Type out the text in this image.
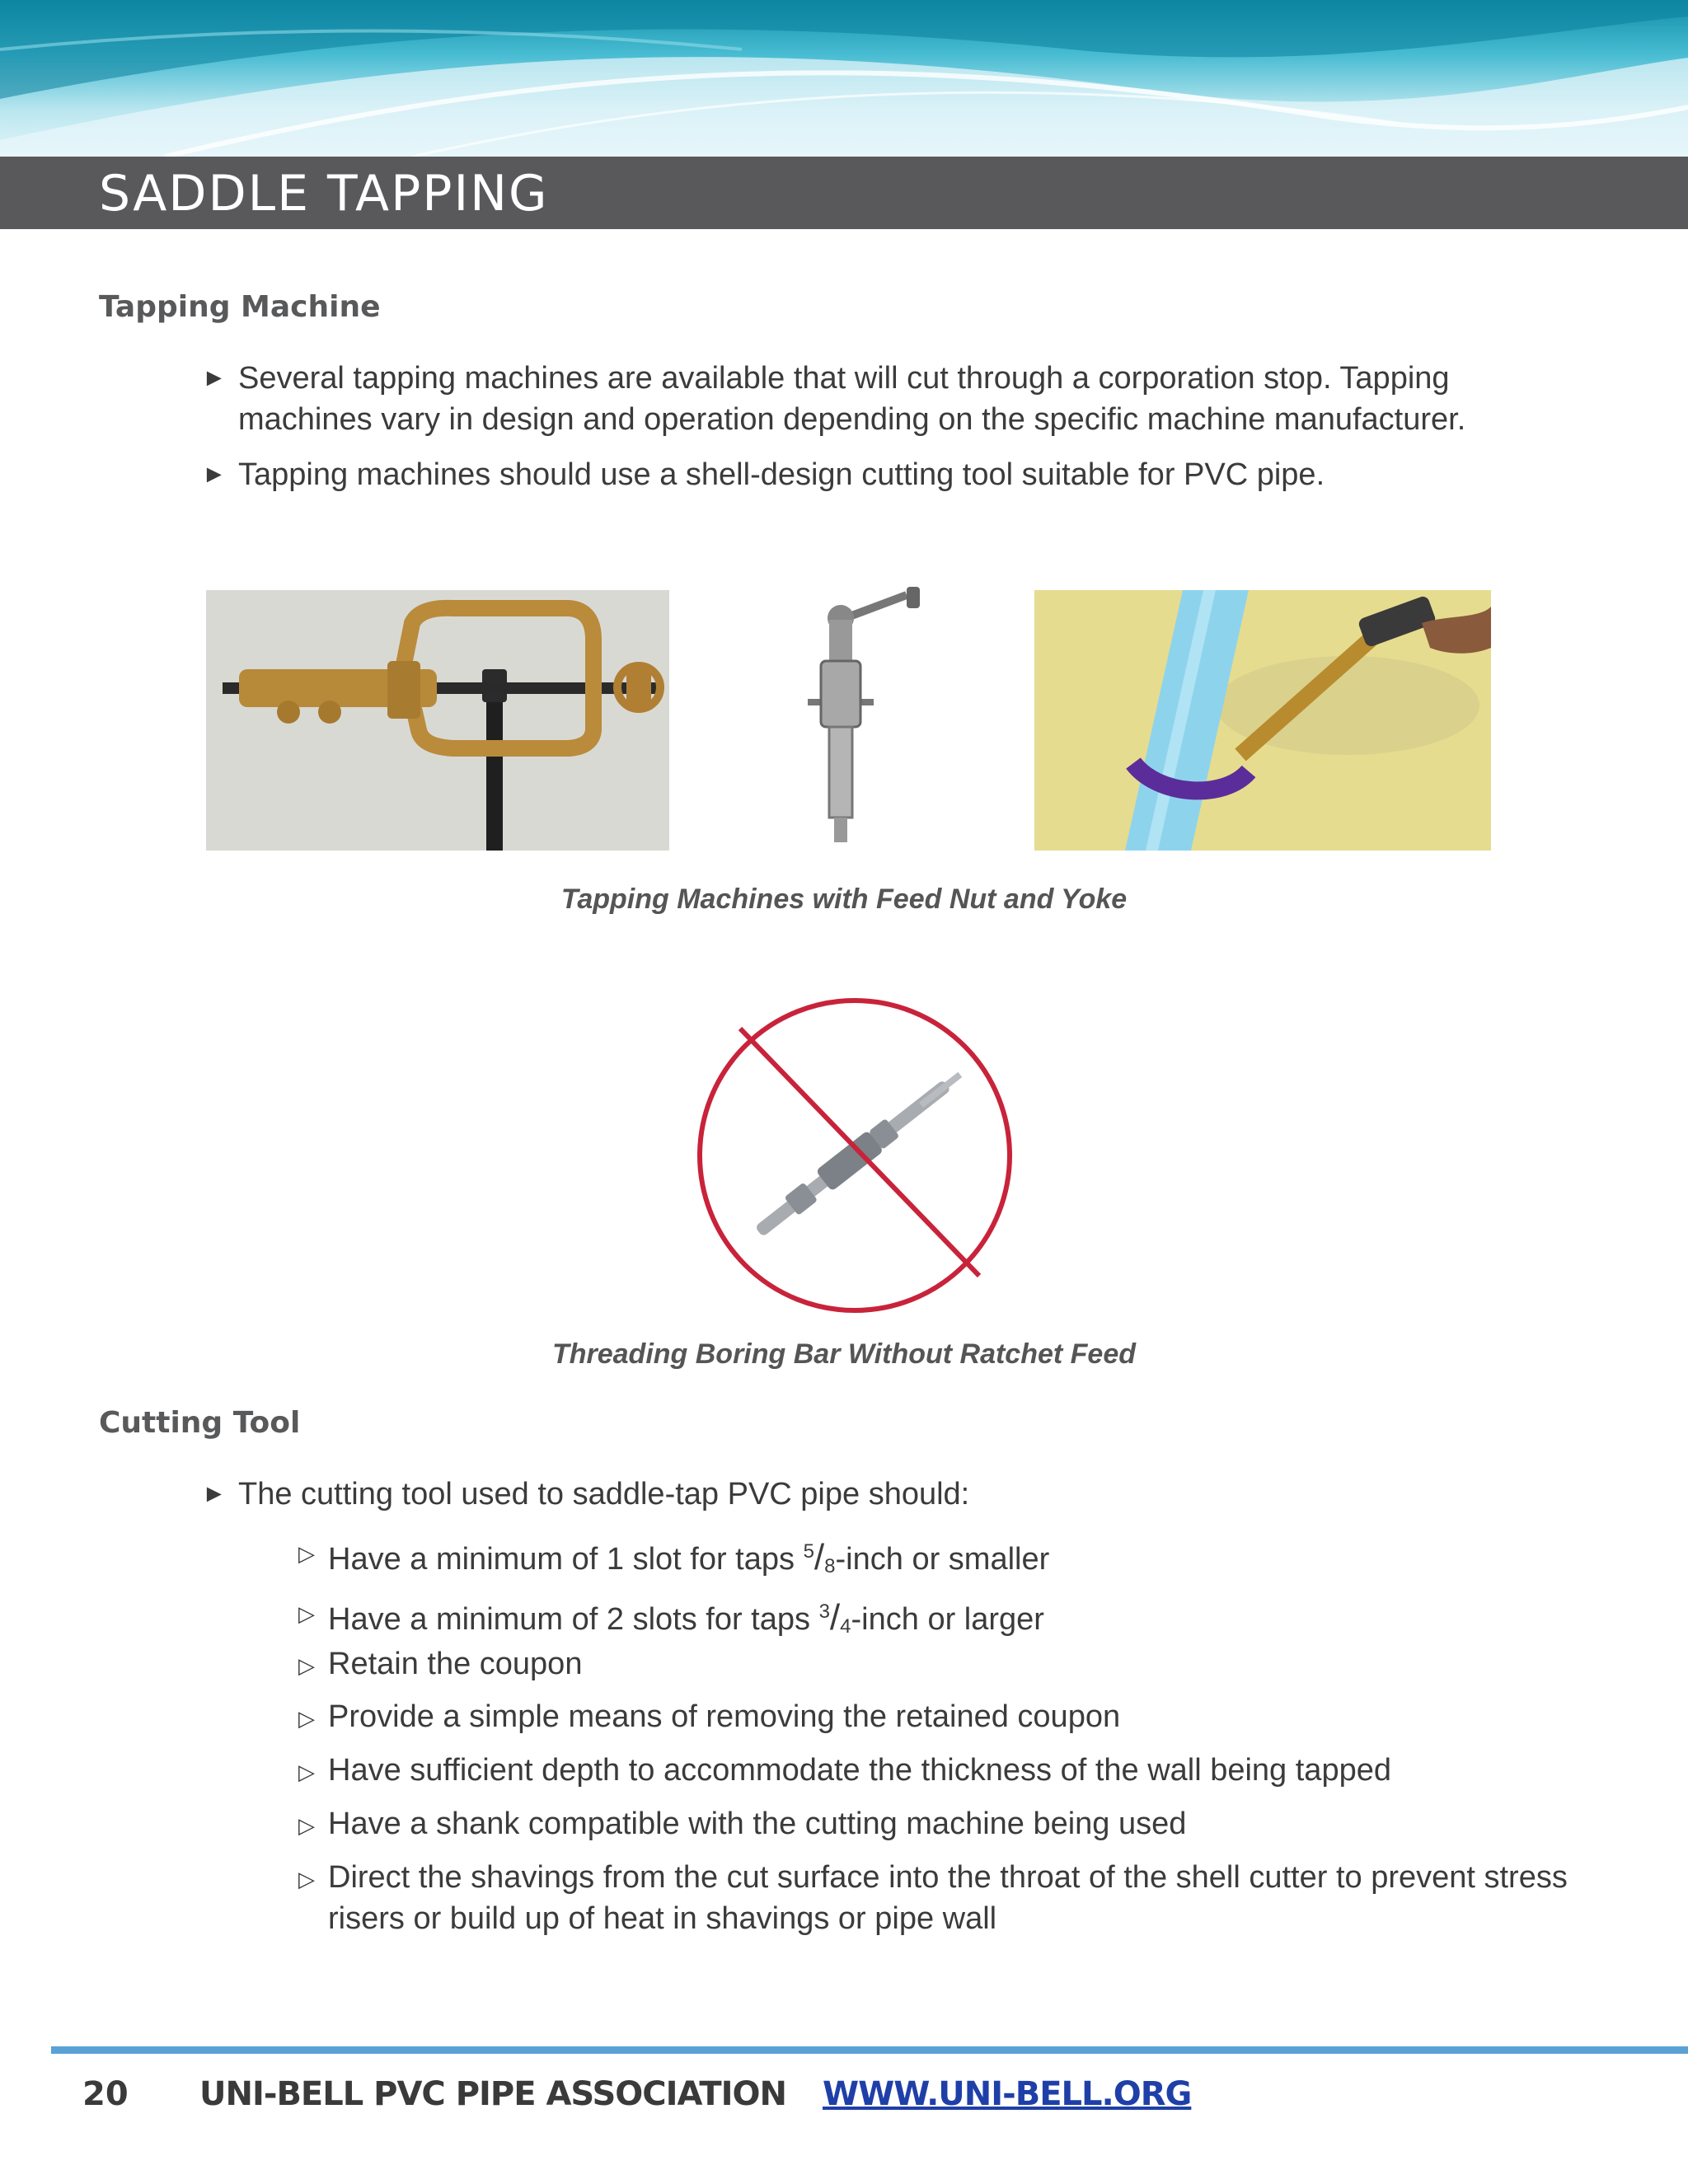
SADDLE TAPPING
Tapping Machine
► Several tapping machines are available that will cut through a corporation stop. Tapping machines vary in design and operation depending on the specific machine manufacturer.
► Tapping machines should use a shell-design cutting tool suitable for PVC pipe.
Tapping Machines with Feed Nut and Yoke
Threading Boring Bar Without Ratchet Feed
Cutting Tool
► The cutting tool used to saddle-tap PVC pipe should:
▷ Have a minimum of 1 slot for taps $^5/_8$-inch or smaller
▷ Have a minimum of 2 slots for taps $^3/_4$-inch or larger
▷ Retain the coupon
▷ Provide a simple means of removing the retained coupon
▷ Have sufficient depth to accommodate the thickness of the wall being tapped
▷ Have a shank compatible with the cutting machine being used
▷ Direct the shavings from the cut surface into the throat of the shell cutter to prevent stress risers or build up of heat in shavings or pipe wall
20 UNI-BELL PVC PIPE ASSOCIATION WWW.UNI-BELL.ORG
